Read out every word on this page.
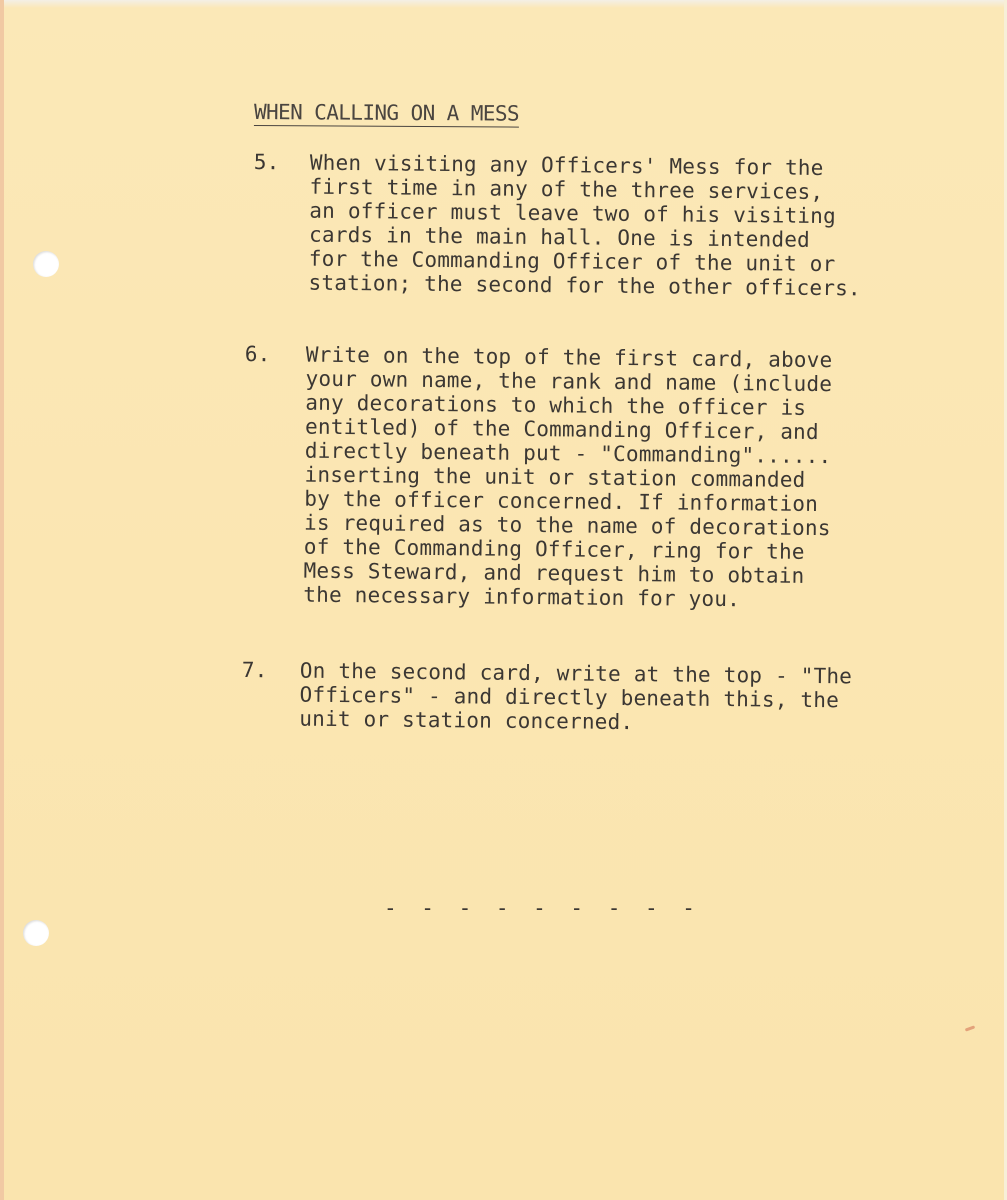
WHEN CALLING ON A MESS
5. When visiting any Officers' Mess for the
first time in any of the three services,
an officer must leave two of his visiting
cards in the main hall. One is intended
for the Commanding Officer of the unit or
station; the second for the other officers.
6. Write on the top of the first card, above
your own name, the rank and name (include
any decorations to which the officer is
entitled) of the Commanding Officer, and
directly beneath put - "Commanding"......
inserting the unit or station commanded
by the officer concerned. If information
is required as to the name of decorations
of the Commanding Officer, ring for the
Mess Steward, and request him to obtain
the necessary information for you.
7. On the second card, write at the top - "The
Officers" - and directly beneath this, the
unit or station concerned.
- - - - - - - - -
